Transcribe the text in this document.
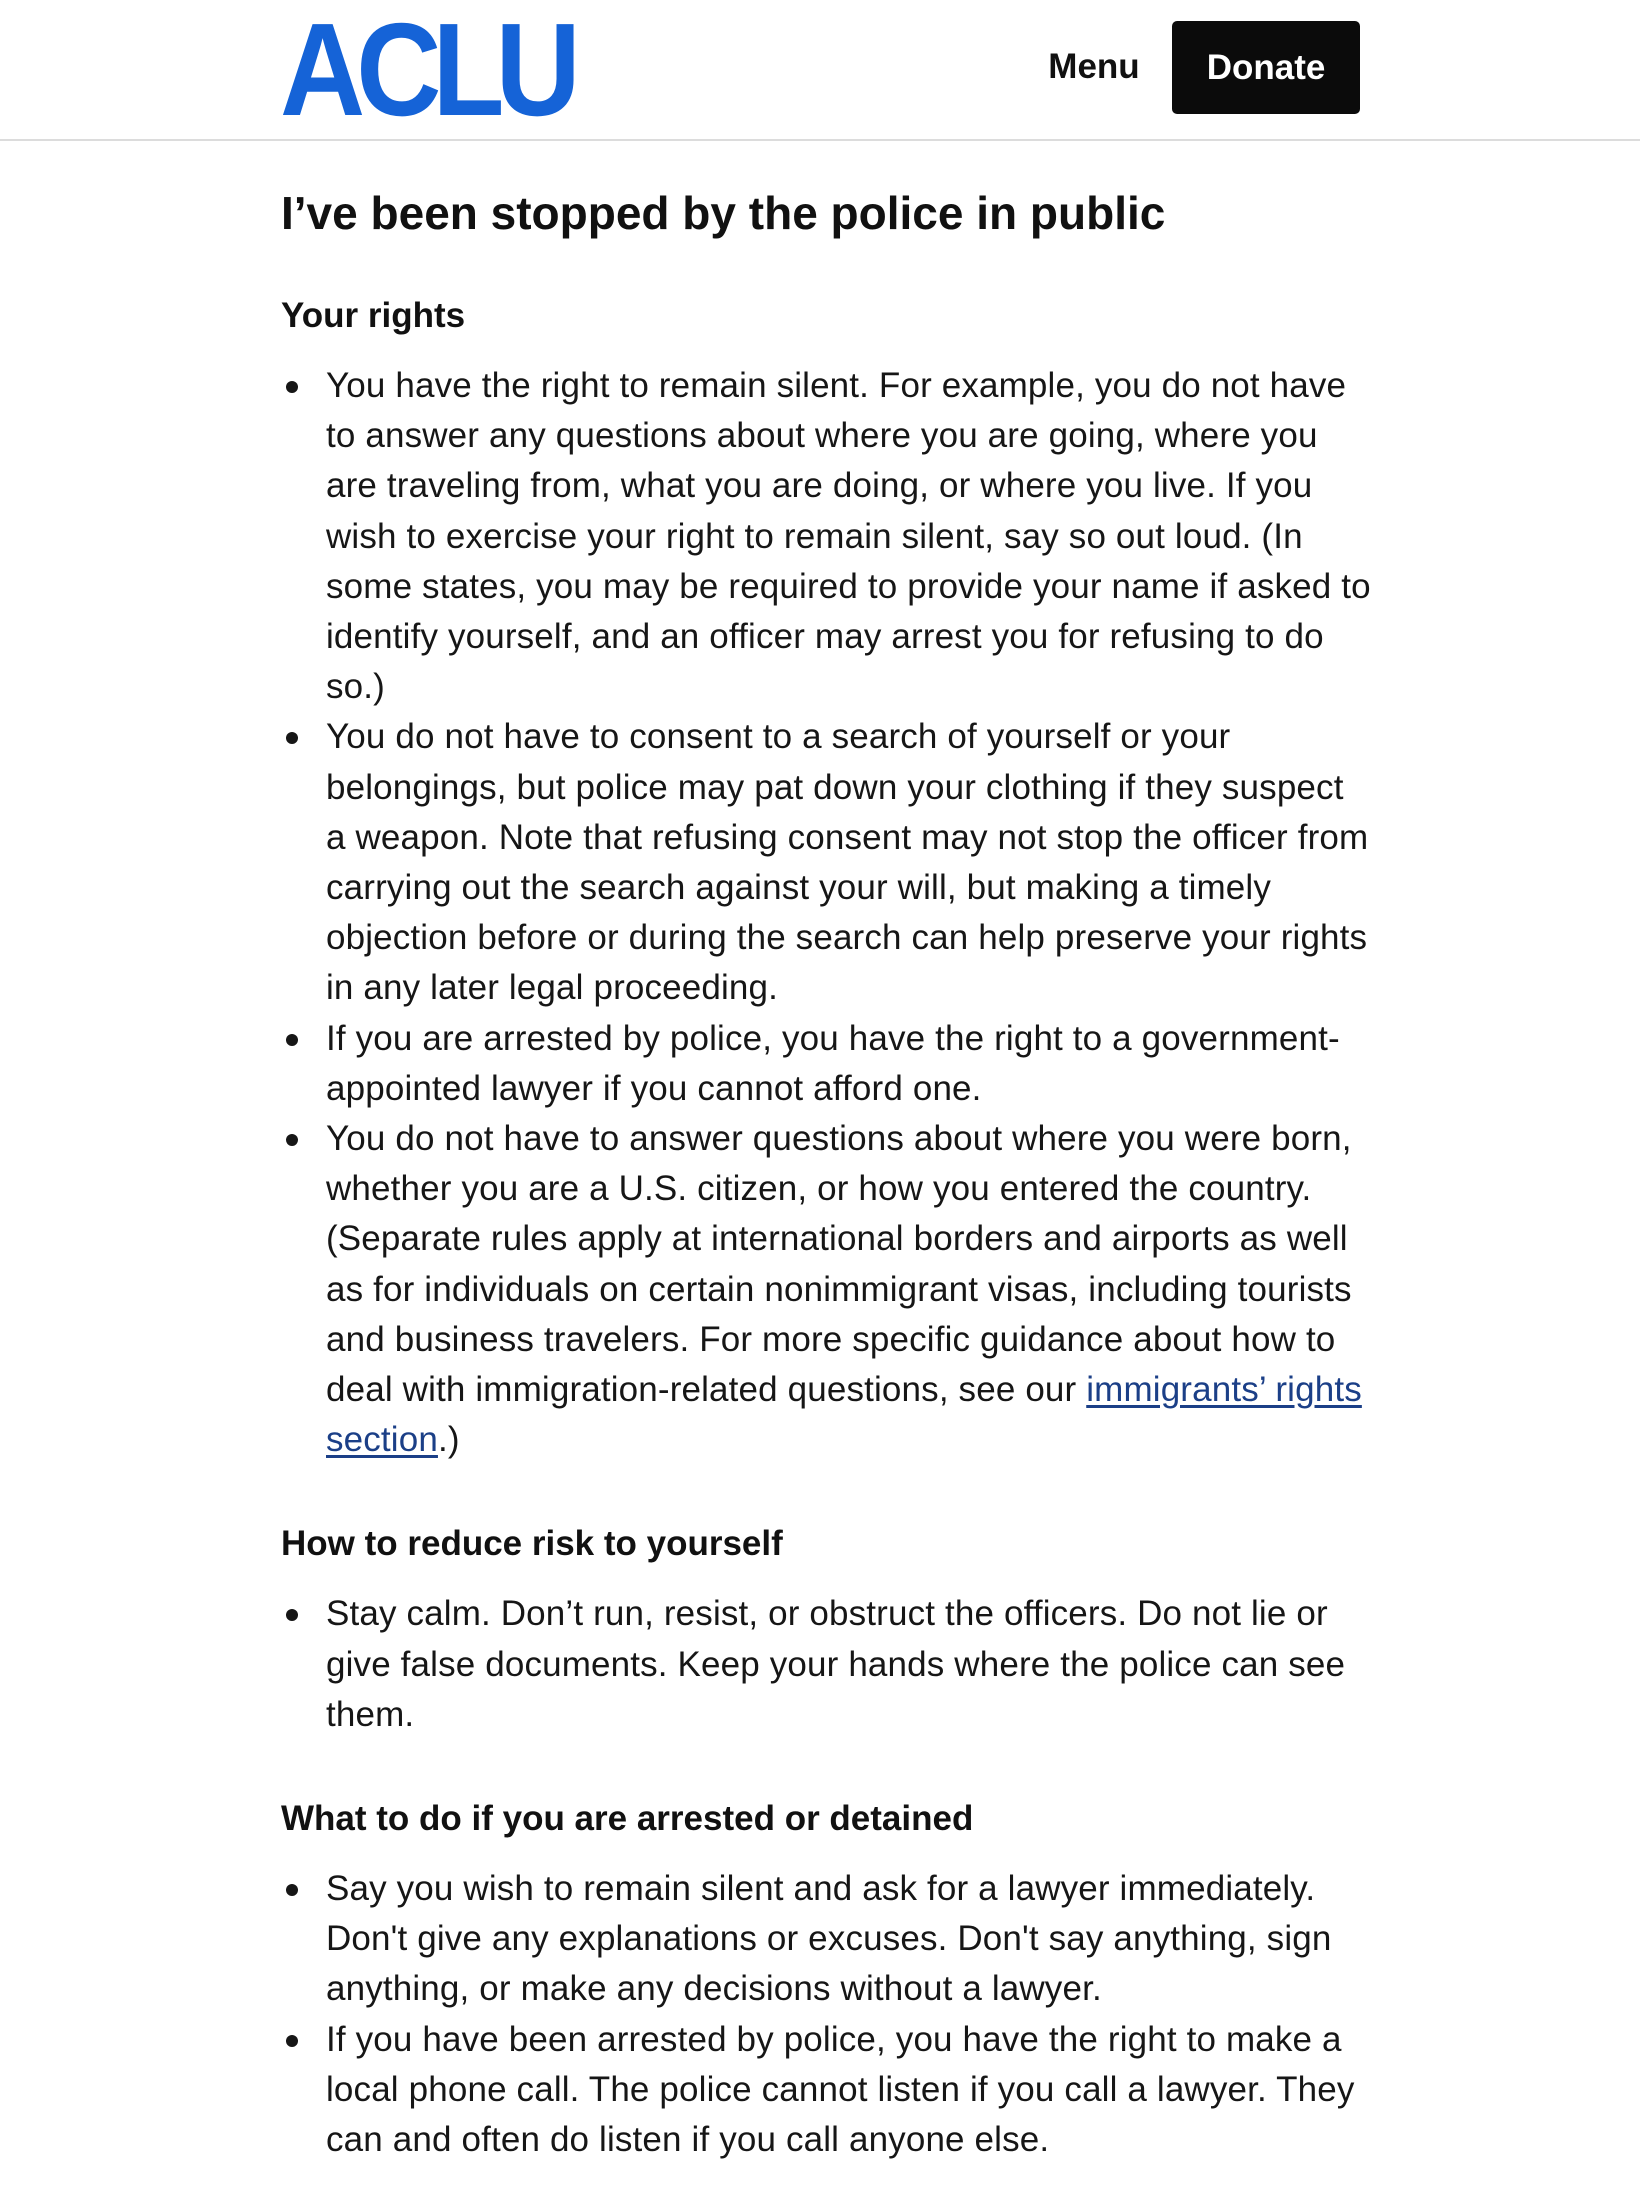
ACLU	Menu	Donate
I’ve been stopped by the police in public
Your rights
You have the right to remain silent. For example, you do not have to answer any questions about where you are going, where you are traveling from, what you are doing, or where you live. If you wish to exercise your right to remain silent, say so out loud. (In some states, you may be required to provide your name if asked to identify yourself, and an officer may arrest you for refusing to do so.)
You do not have to consent to a search of yourself or your belongings, but police may pat down your clothing if they suspect a weapon. Note that refusing consent may not stop the officer from carrying out the search against your will, but making a timely objection before or during the search can help preserve your rights in any later legal proceeding.
If you are arrested by police, you have the right to a government-appointed lawyer if you cannot afford one.
You do not have to answer questions about where you were born, whether you are a U.S. citizen, or how you entered the country. (Separate rules apply at international borders and airports as well as for individuals on certain nonimmigrant visas, including tourists and business travelers. For more specific guidance about how to deal with immigration-related questions, see our immigrants’ rights section.)
How to reduce risk to yourself
Stay calm. Don’t run, resist, or obstruct the officers. Do not lie or give false documents. Keep your hands where the police can see them.
What to do if you are arrested or detained
Say you wish to remain silent and ask for a lawyer immediately. Don't give any explanations or excuses. Don't say anything, sign anything, or make any decisions without a lawyer.
If you have been arrested by police, you have the right to make a local phone call. The police cannot listen if you call a lawyer. They can and often do listen if you call anyone else.
